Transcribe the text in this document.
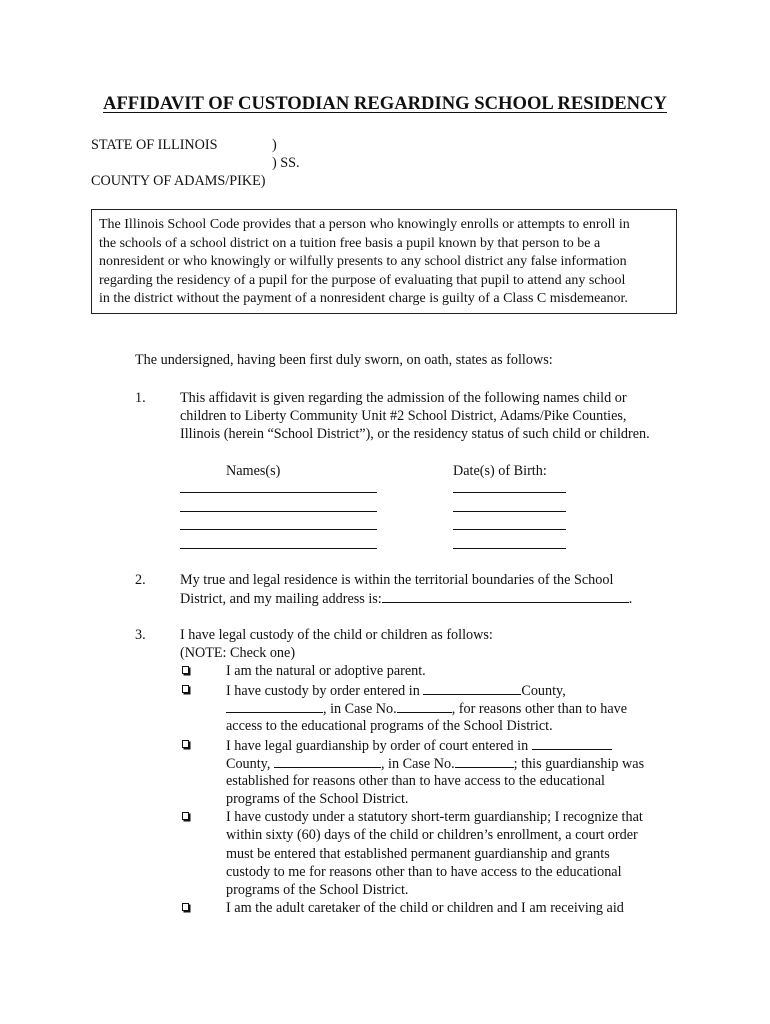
AFFIDAVIT OF CUSTODIAN REGARDING SCHOOL RESIDENCY
STATE OF ILLINOIS	)
) SS.
COUNTY OF ADAMS/PIKE)
The Illinois School Code provides that a person who knowingly enrolls or attempts to enroll in
the schools of a school district on a tuition free basis a pupil known by that person to be a
nonresident or who knowingly or wilfully presents to any school district any false information
regarding the residency of a pupil for the purpose of evaluating that pupil to attend any school
in the district without the payment of a nonresident charge is guilty of a Class C misdemeanor.
The undersigned, having been first duly sworn, on oath, states as follows:
1. This affidavit is given regarding the admission of the following names child or
children to Liberty Community Unit #2 School District, Adams/Pike Counties,
Illinois (herein “School District”), or the residency status of such child or children.
Names(s)	Date(s) of Birth:
2. My true and legal residence is within the territorial boundaries of the School
District, and my mailing address is:	.
3. I have legal custody of the child or children as follows:
(NOTE: Check one)
I am the natural or adoptive parent.
I have custody by order entered in	County,
, in Case No.	, for reasons other than to have
access to the educational programs of the School District.
I have legal guardianship by order of court entered in
County,	, in Case No.	; this guardianship was
established for reasons other than to have access to the educational
programs of the School District.
I have custody under a statutory short-term guardianship; I recognize that
within sixty (60) days of the child or children’s enrollment, a court order
must be entered that established permanent guardianship and grants
custody to me for reasons other than to have access to the educational
programs of the School District.
I am the adult caretaker of the child or children and I am receiving aid
